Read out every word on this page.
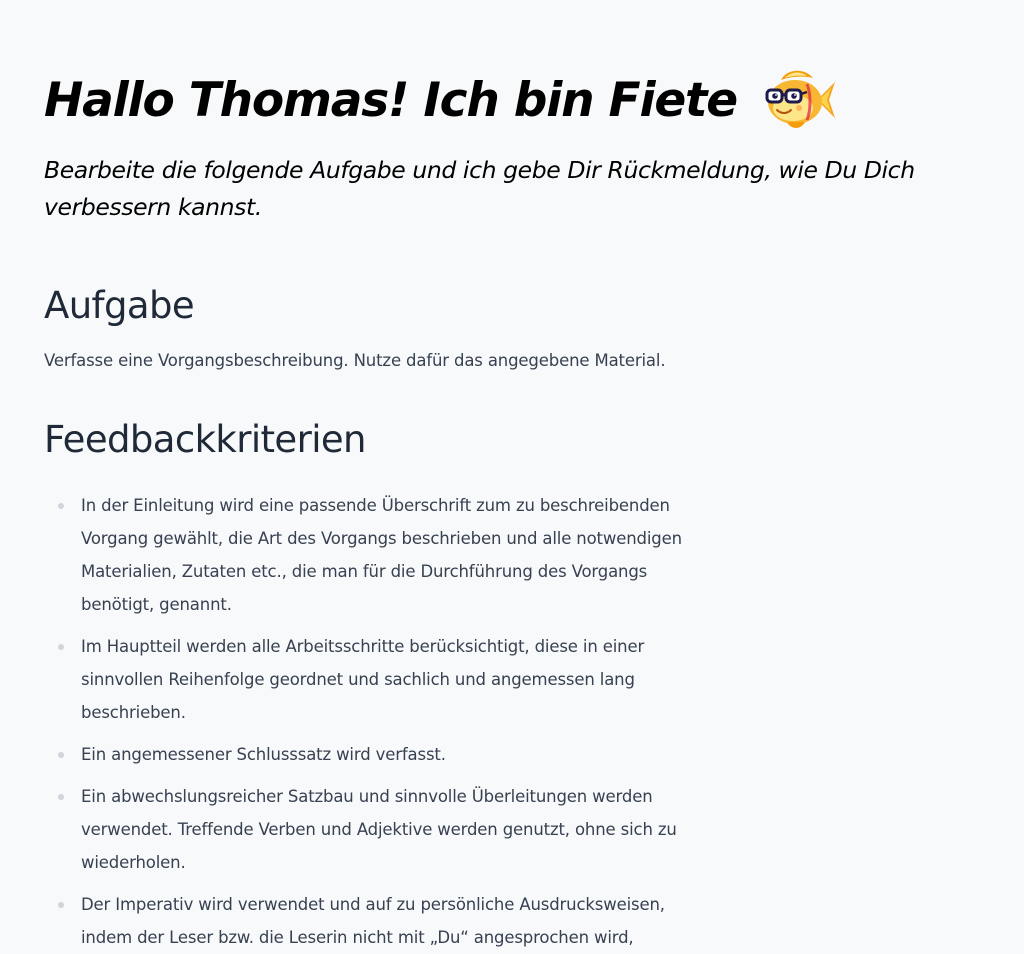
Hallo Thomas! Ich bin Fiete

Bearbeite die folgende Aufgabe und ich gebe Dir Rückmeldung, wie Du Dich verbessern kannst.

Aufgabe

Verfasse eine Vorgangsbeschreibung. Nutze dafür das angegebene Material.

Feedbackkriterien
In der Einleitung wird eine passende Überschrift zum zu beschreibenden Vorgang gewählt, die Art des Vorgangs beschrieben und alle notwendigen Materialien, Zutaten etc., die man für die Durchführung des Vorgangs benötigt, genannt.
Im Hauptteil werden alle Arbeitsschritte berücksichtigt, diese in einer sinnvollen Reihenfolge geordnet und sachlich und angemessen lang beschrieben.
Ein angemessener Schlusssatz wird verfasst.
Ein abwechslungsreicher Satzbau und sinnvolle Überleitungen werden verwendet. Treffende Verben und Adjektive werden genutzt, ohne sich zu wiederholen.
Der Imperativ wird verwendet und auf zu persönliche Ausdrucksweisen, indem der Leser bzw. die Leserin nicht mit „Du“ angesprochen wird,
